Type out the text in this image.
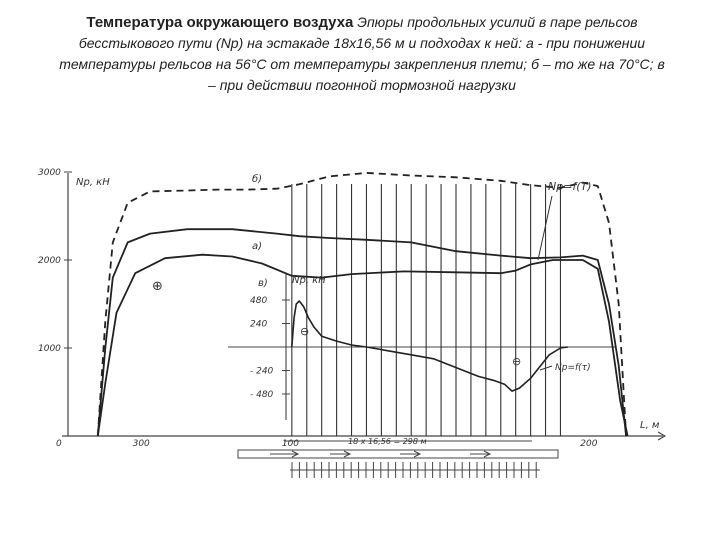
Температура окружающего воздуха Эпюры продольных усилий в паре рельсов бесстыкового пути (Nр) на эстакаде 18x16,56 м и подходах к ней: а - при понижении температуры рельсов на 56°С от температуры закрепления плети; б – то же на 70°С; в – при действии погонной тормозной нагрузки
3000
2000
1000
300	100	200
480
240
- 240
- 480
Nр, кН
L, м
Nр, кН
0
б)
а)
в)
Nр=f(T)
Nр=f(τ)
⊕
⊖
⊖
18 x 16,56 = 298 м
